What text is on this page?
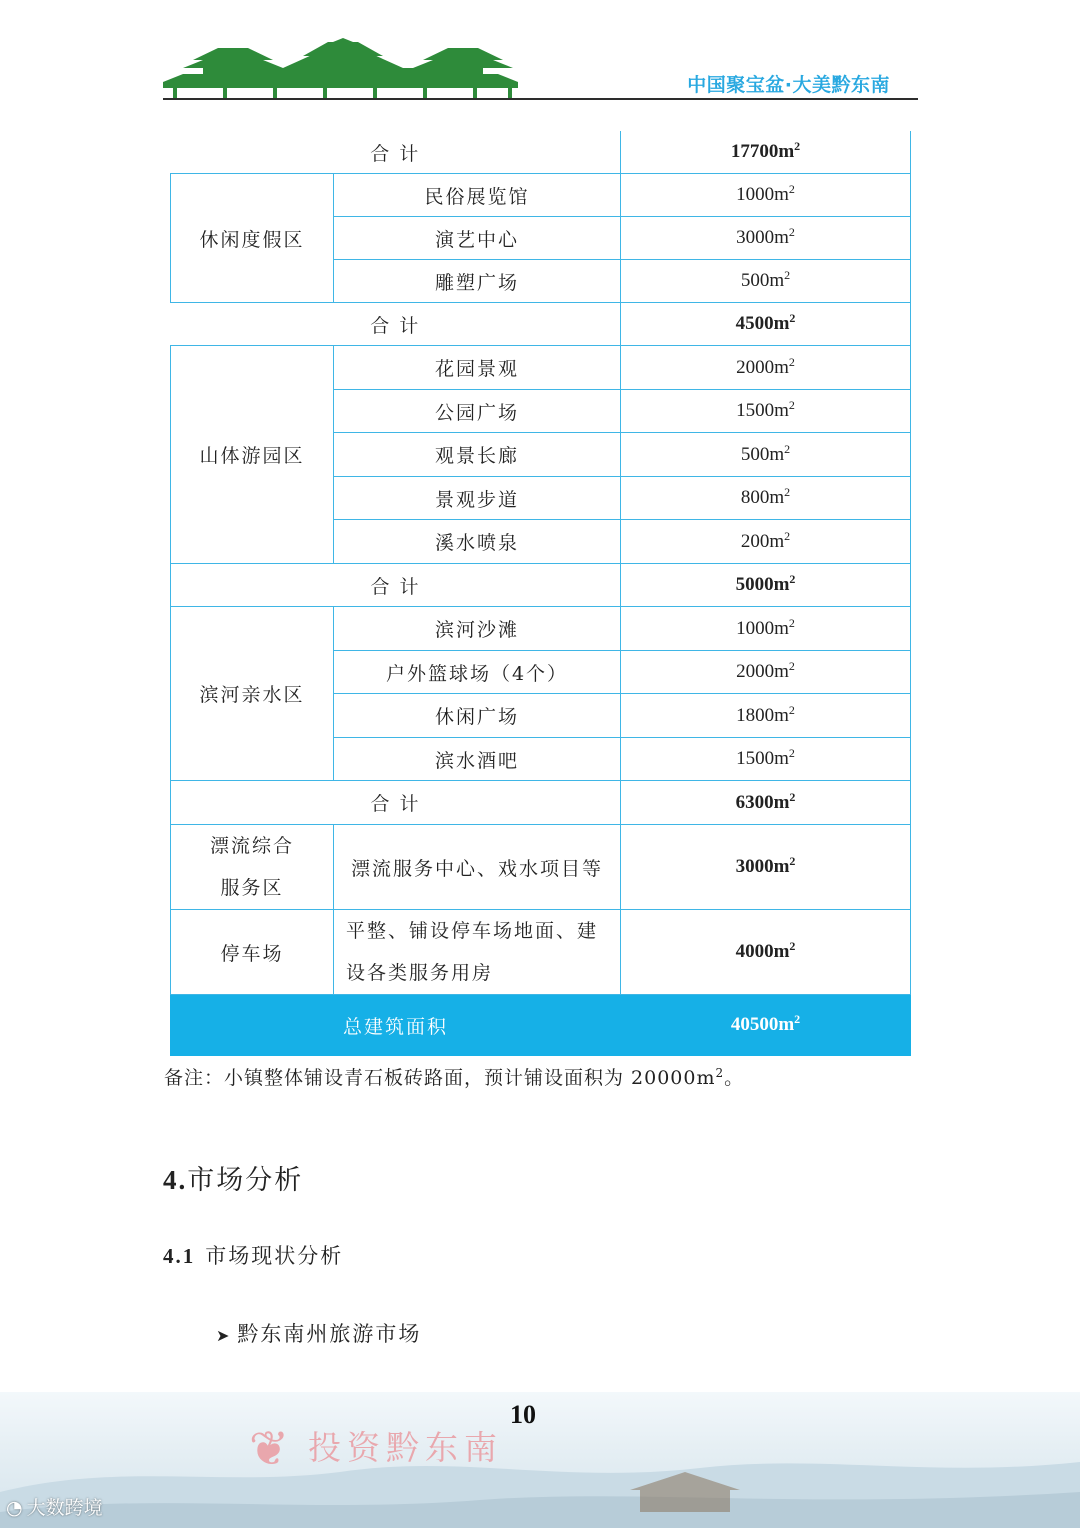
中国聚宝盆·大美黔东南
合 计		$17700m^2$
休闲度假区	民俗展览馆	$1000m^2$
	演艺中心	$3000m^2$
	雕塑广场	$500m^2$
合 计		$4500m^2$
山体游园区	花园景观	$2000m^2$
	公园广场	$1500m^2$
	观景长廊	$500m^2$
	景观步道	$800m^2$
	溪水喷泉	$200m^2$
合 计		$5000m^2$
滨河亲水区	滨河沙滩	$1000m^2$
	户外篮球场（4个）	$2000m^2$
	休闲广场	$1800m^2$
	滨水酒吧	$1500m^2$
合 计		$6300m^2$

漂流综合
服务区	漂流服务中心、戏水项目等	$3000m^2$
停车场	平整、铺设停车场地面、建
设各类服务用房	$4000m^2$
总建筑面积		$40500m^2$
备注：小镇整体铺设青石板砖路面，预计铺设面积为 $20000m^2$。
4.市场分析
4.1 市场现状分析
➤ 黔东南州旅游市场
10
❦ 投资黔东南
◔ 大数跨境
